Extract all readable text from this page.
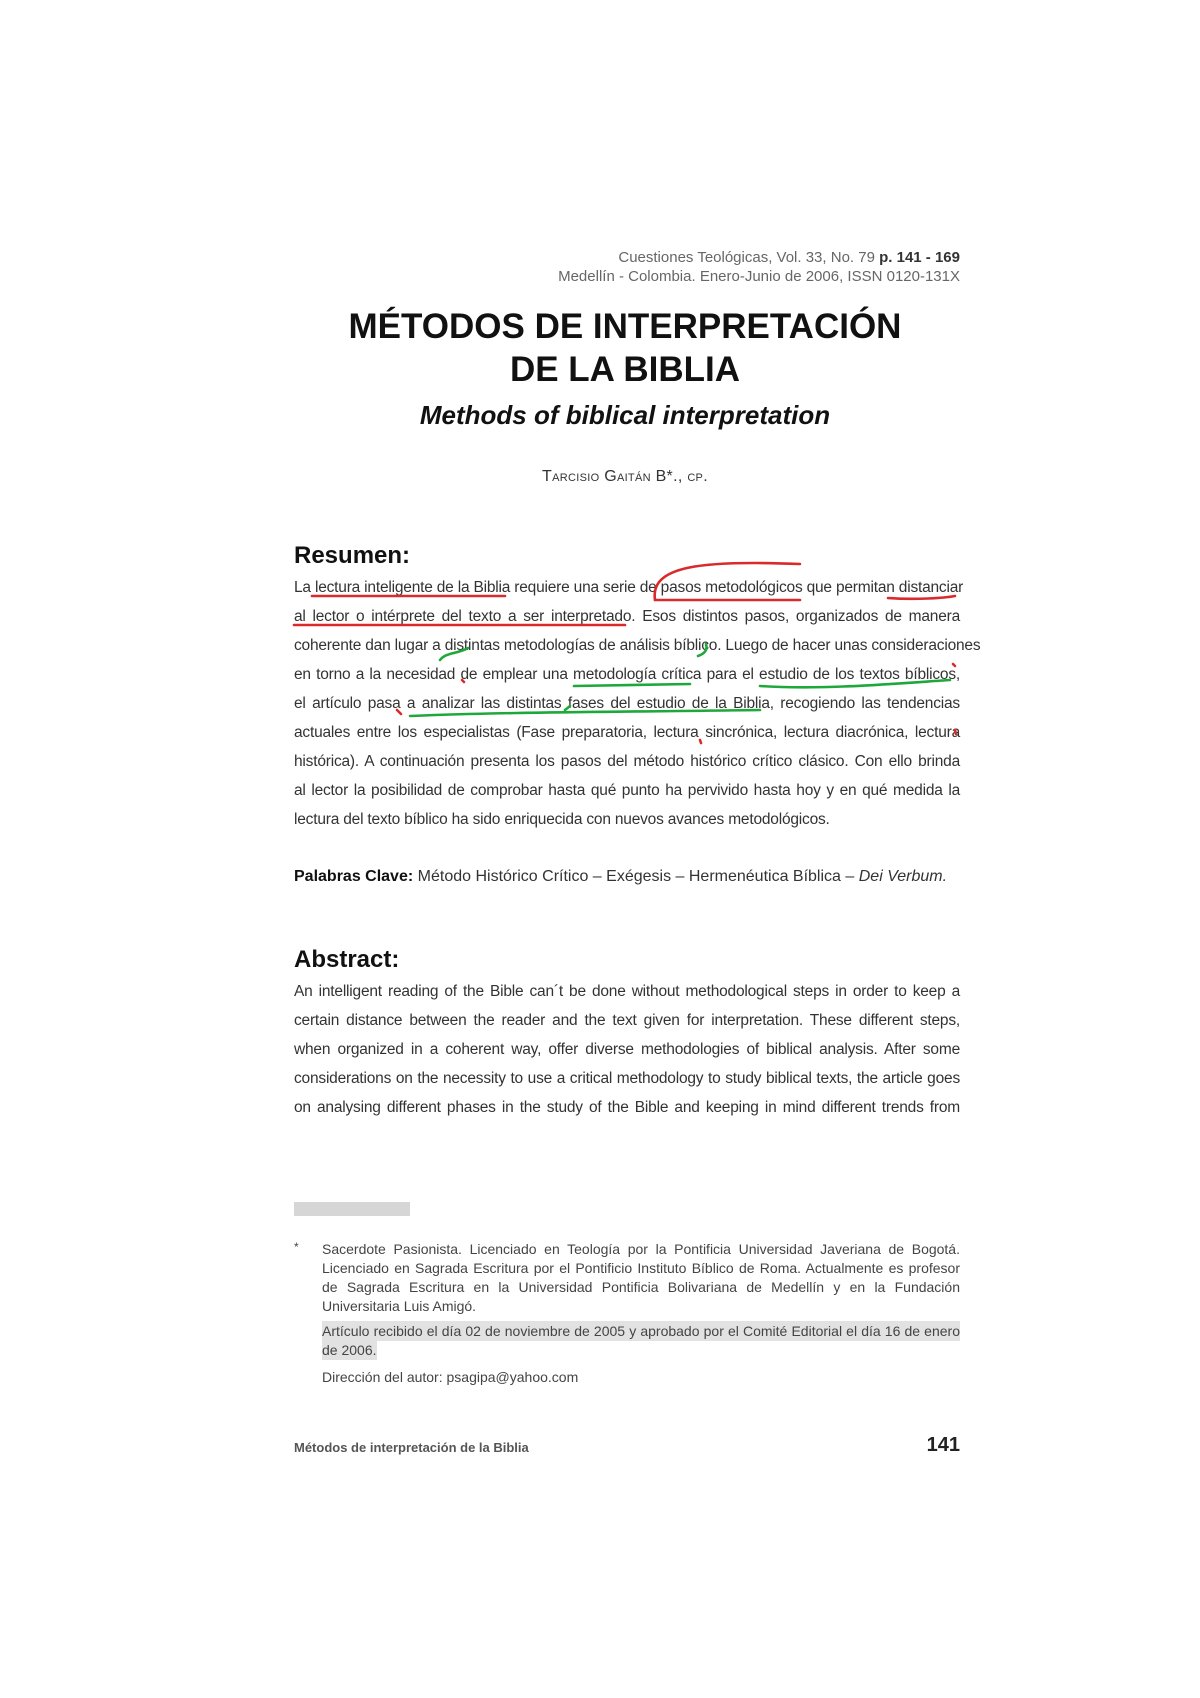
Cuestiones Teológicas, Vol. 33, No. 79 p. 141 - 169
Medellín - Colombia. Enero-Junio de 2006, ISSN 0120-131X
MÉTODOS DE INTERPRETACIÓN
DE LA BIBLIA
Methods of biblical interpretation
Tarcisio Gaitán B*., cp.
Resumen:
La lectura inteligente de la Biblia requiere una serie de pasos metodológicos que permitan distanciar
al lector o intérprete del texto a ser interpretado. Esos distintos pasos, organizados de manera
coherente dan lugar a distintas metodologías de análisis bíblico. Luego de hacer unas consideraciones
en torno a la necesidad de emplear una metodología crítica para el estudio de los textos bíblicos,
el artículo pasa a analizar las distintas fases del estudio de la Biblia, recogiendo las tendencias
actuales entre los especialistas (Fase preparatoria, lectura sincrónica, lectura diacrónica, lectura
histórica). A continuación presenta los pasos del método histórico crítico clásico. Con ello brinda
al lector la posibilidad de comprobar hasta qué punto ha pervivido hasta hoy y en qué medida la
lectura del texto bíblico ha sido enriquecida con nuevos avances metodológicos.
Palabras Clave: Método Histórico Crítico – Exégesis – Hermenéutica Bíblica – Dei Verbum.
Abstract:
An intelligent reading of the Bible can´t be done without methodological steps in order to keep a
certain distance between the reader and the text given for interpretation. These different steps,
when organized in a coherent way, offer diverse methodologies of biblical analysis. After some
considerations on the necessity to use a critical methodology to study biblical texts, the article goes
on analysing different phases in the study of the Bible and keeping in mind different trends from
* Sacerdote Pasionista. Licenciado en Teología por la Pontificia Universidad Javeriana de Bogotá. Licenciado en Sagrada Escritura por el Pontificio Instituto Bíblico de Roma. Actualmente es profesor de Sagrada Escritura en la Universidad Pontificia Bolivariana de Medellín y en la Fundación Universitaria Luis Amigó.
Artículo recibido el día 02 de noviembre de 2005 y aprobado por el Comité Editorial el día 16 de enero de 2006.
Dirección del autor: psagipa@yahoo.com
Métodos de interpretación de la Biblia	141
